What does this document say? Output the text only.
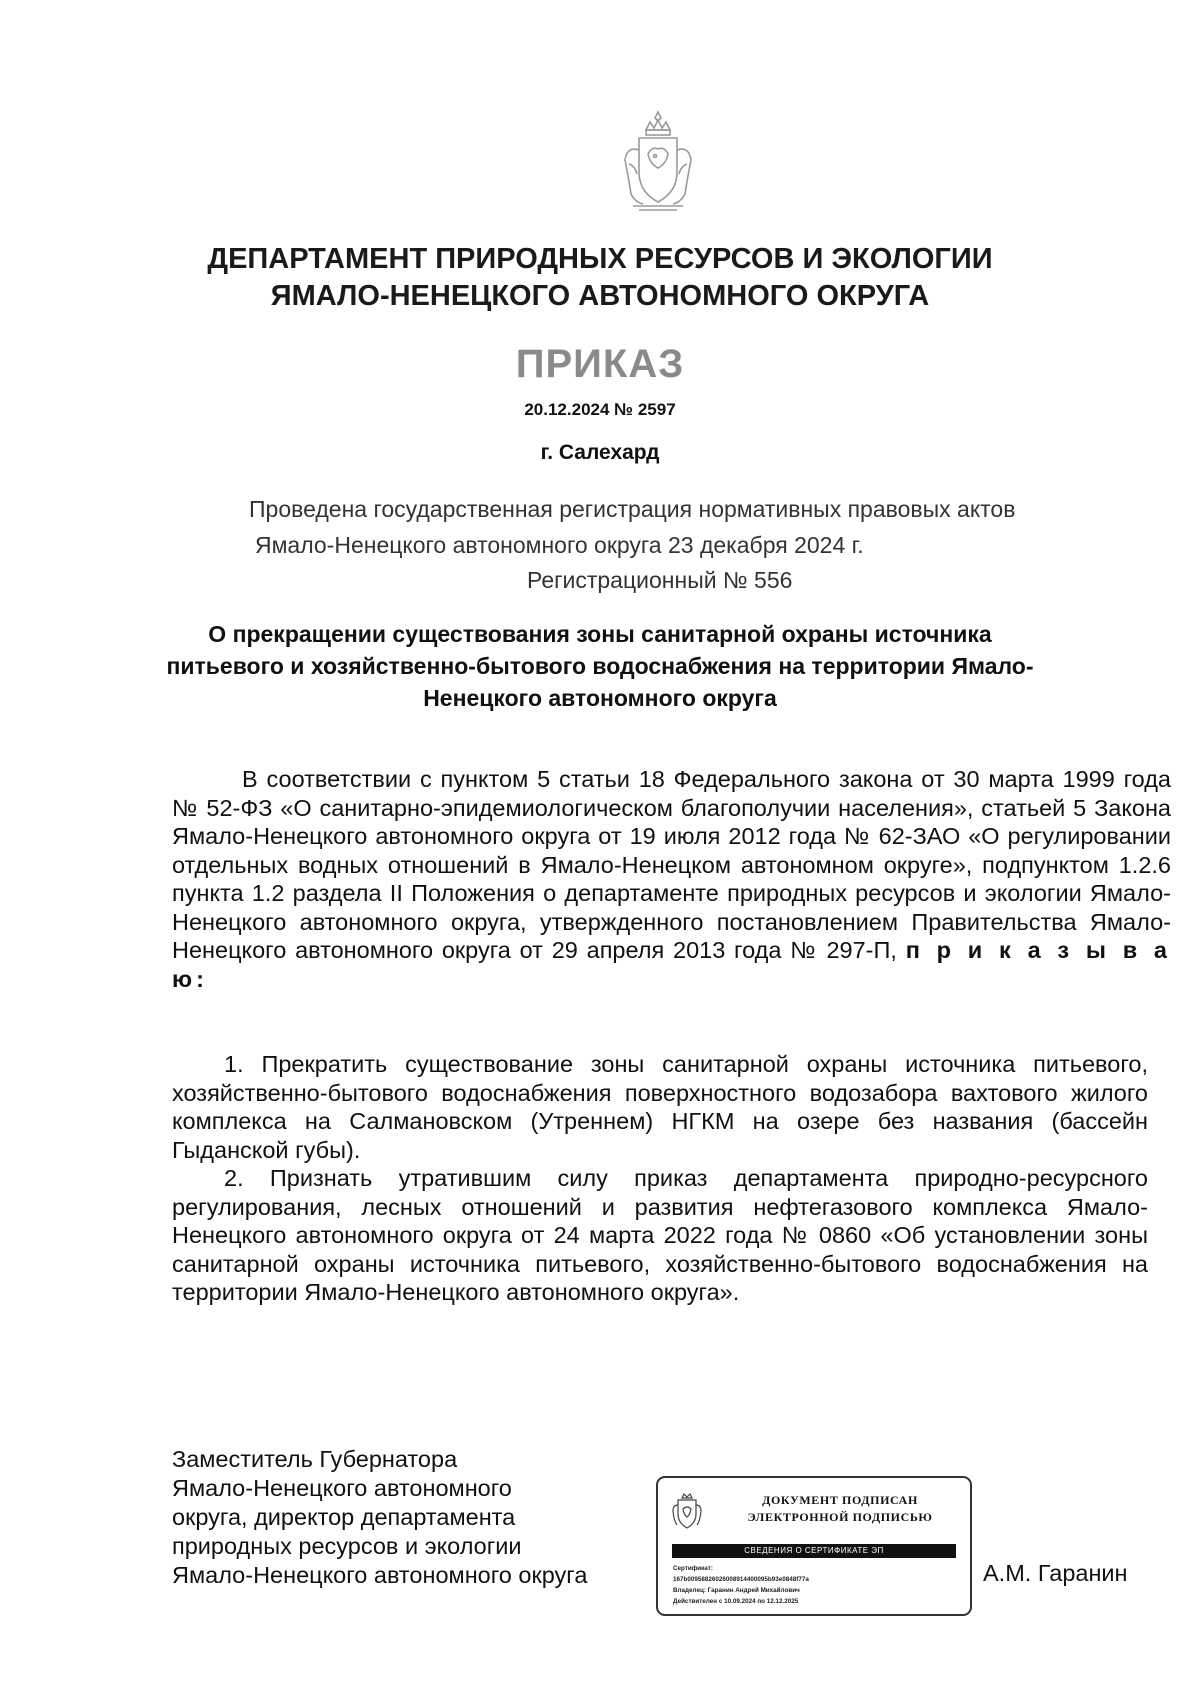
ДЕПАРТАМЕНТ ПРИРОДНЫХ РЕСУРСОВ И ЭКОЛОГИИ
ЯМАЛО-НЕНЕЦКОГО АВТОНОМНОГО ОКРУГА
ПРИКАЗ
20.12.2024 № 2597
г. Салехард
Проведена государственная регистрация нормативных правовых актов
Ямало-Ненецкого автономного округа 23 декабря 2024 г.
Регистрационный № 556
О прекращении существования зоны санитарной охраны источника питьевого и хозяйственно-бытового водоснабжения на территории Ямало-Ненецкого автономного округа
В соответствии с пунктом 5 статьи 18 Федерального закона от 30 марта 1999 года № 52-ФЗ «О санитарно-эпидемиологическом благополучии населения», статьей 5 Закона Ямало-Ненецкого автономного округа от 19 июля 2012 года № 62-ЗАО «О регулировании отдельных водных отношений в Ямало-Ненецком автономном округе», подпунктом 1.2.6 пункта 1.2 раздела II Положения о департаменте природных ресурсов и экологии Ямало-Ненецкого автономного округа, утвержденного постановлением Правительства Ямало-Ненецкого автономного округа от 29 апреля 2013 года № 297-П, п р и к а з ы в а ю:
1. Прекратить существование зоны санитарной охраны источника питьевого, хозяйственно-бытового водоснабжения поверхностного водозабора вахтового жилого комплекса на Салмановском (Утреннем) НГКМ на озере без названия (бассейн Гыданской губы).
2. Признать утратившим силу приказ департамента природно-ресурсного регулирования, лесных отношений и развития нефтегазового комплекса Ямало-Ненецкого автономного округа от 24 марта 2022 года № 0860 «Об установлении зоны санитарной охраны источника питьевого, хозяйственно-бытового водоснабжения на территории Ямало-Ненецкого автономного округа».
Заместитель Губернатора
Ямало-Ненецкого автономного
округа, директор департамента
природных ресурсов и экологии
Ямало-Ненецкого автономного округа
ДОКУМЕНТ ПОДПИСАН
ЭЛЕКТРОННОЙ ПОДПИСЬЮ
СВЕДЕНИЯ О СЕРТИФИКАТЕ ЭП
Сертификат:
167b00958826026008914400095b93e0848f77a
Владелец: Гаранин Андрей Михайлович
Действителен с 10.09.2024 по 12.12.2025
А.М. Гаранин
